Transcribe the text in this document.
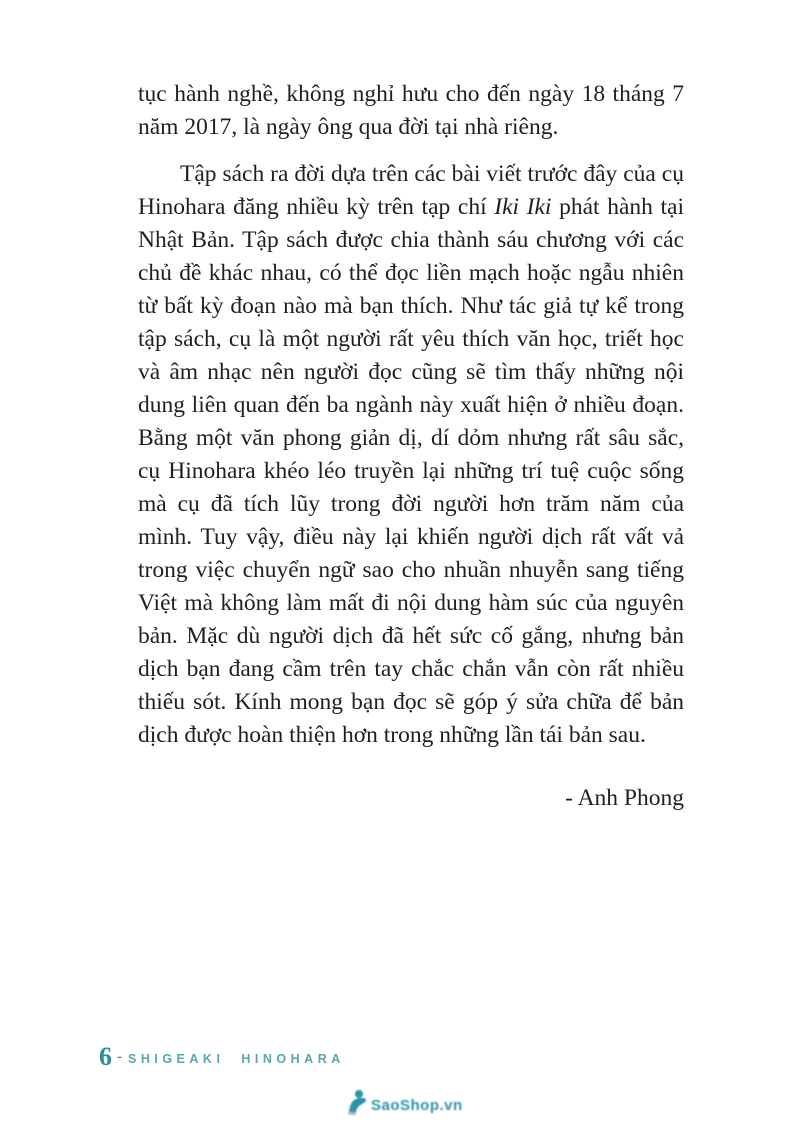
tục hành nghề, không nghỉ hưu cho đến ngày 18 tháng 7 năm 2017, là ngày ông qua đời tại nhà riêng.

Tập sách ra đời dựa trên các bài viết trước đây của cụ Hinohara đăng nhiều kỳ trên tạp chí Iki Iki phát hành tại Nhật Bản. Tập sách được chia thành sáu chương với các chủ đề khác nhau, có thể đọc liền mạch hoặc ngẫu nhiên từ bất kỳ đoạn nào mà bạn thích. Như tác giả tự kể trong tập sách, cụ là một người rất yêu thích văn học, triết học và âm nhạc nên người đọc cũng sẽ tìm thấy những nội dung liên quan đến ba ngành này xuất hiện ở nhiều đoạn. Bằng một văn phong giản dị, dí dỏm nhưng rất sâu sắc, cụ Hinohara khéo léo truyền lại những trí tuệ cuộc sống mà cụ đã tích lũy trong đời người hơn trăm năm của mình. Tuy vậy, điều này lại khiến người dịch rất vất vả trong việc chuyển ngữ sao cho nhuần nhuyễn sang tiếng Việt mà không làm mất đi nội dung hàm súc của nguyên bản. Mặc dù người dịch đã hết sức cố gắng, nhưng bản dịch bạn đang cầm trên tay chắc chắn vẫn còn rất nhiều thiếu sót. Kính mong bạn đọc sẽ góp ý sửa chữa để bản dịch được hoàn thiện hơn trong những lần tái bản sau.

- Anh Phong

6 - SHIGEAKI HINOHARA
SaoShop.vn
